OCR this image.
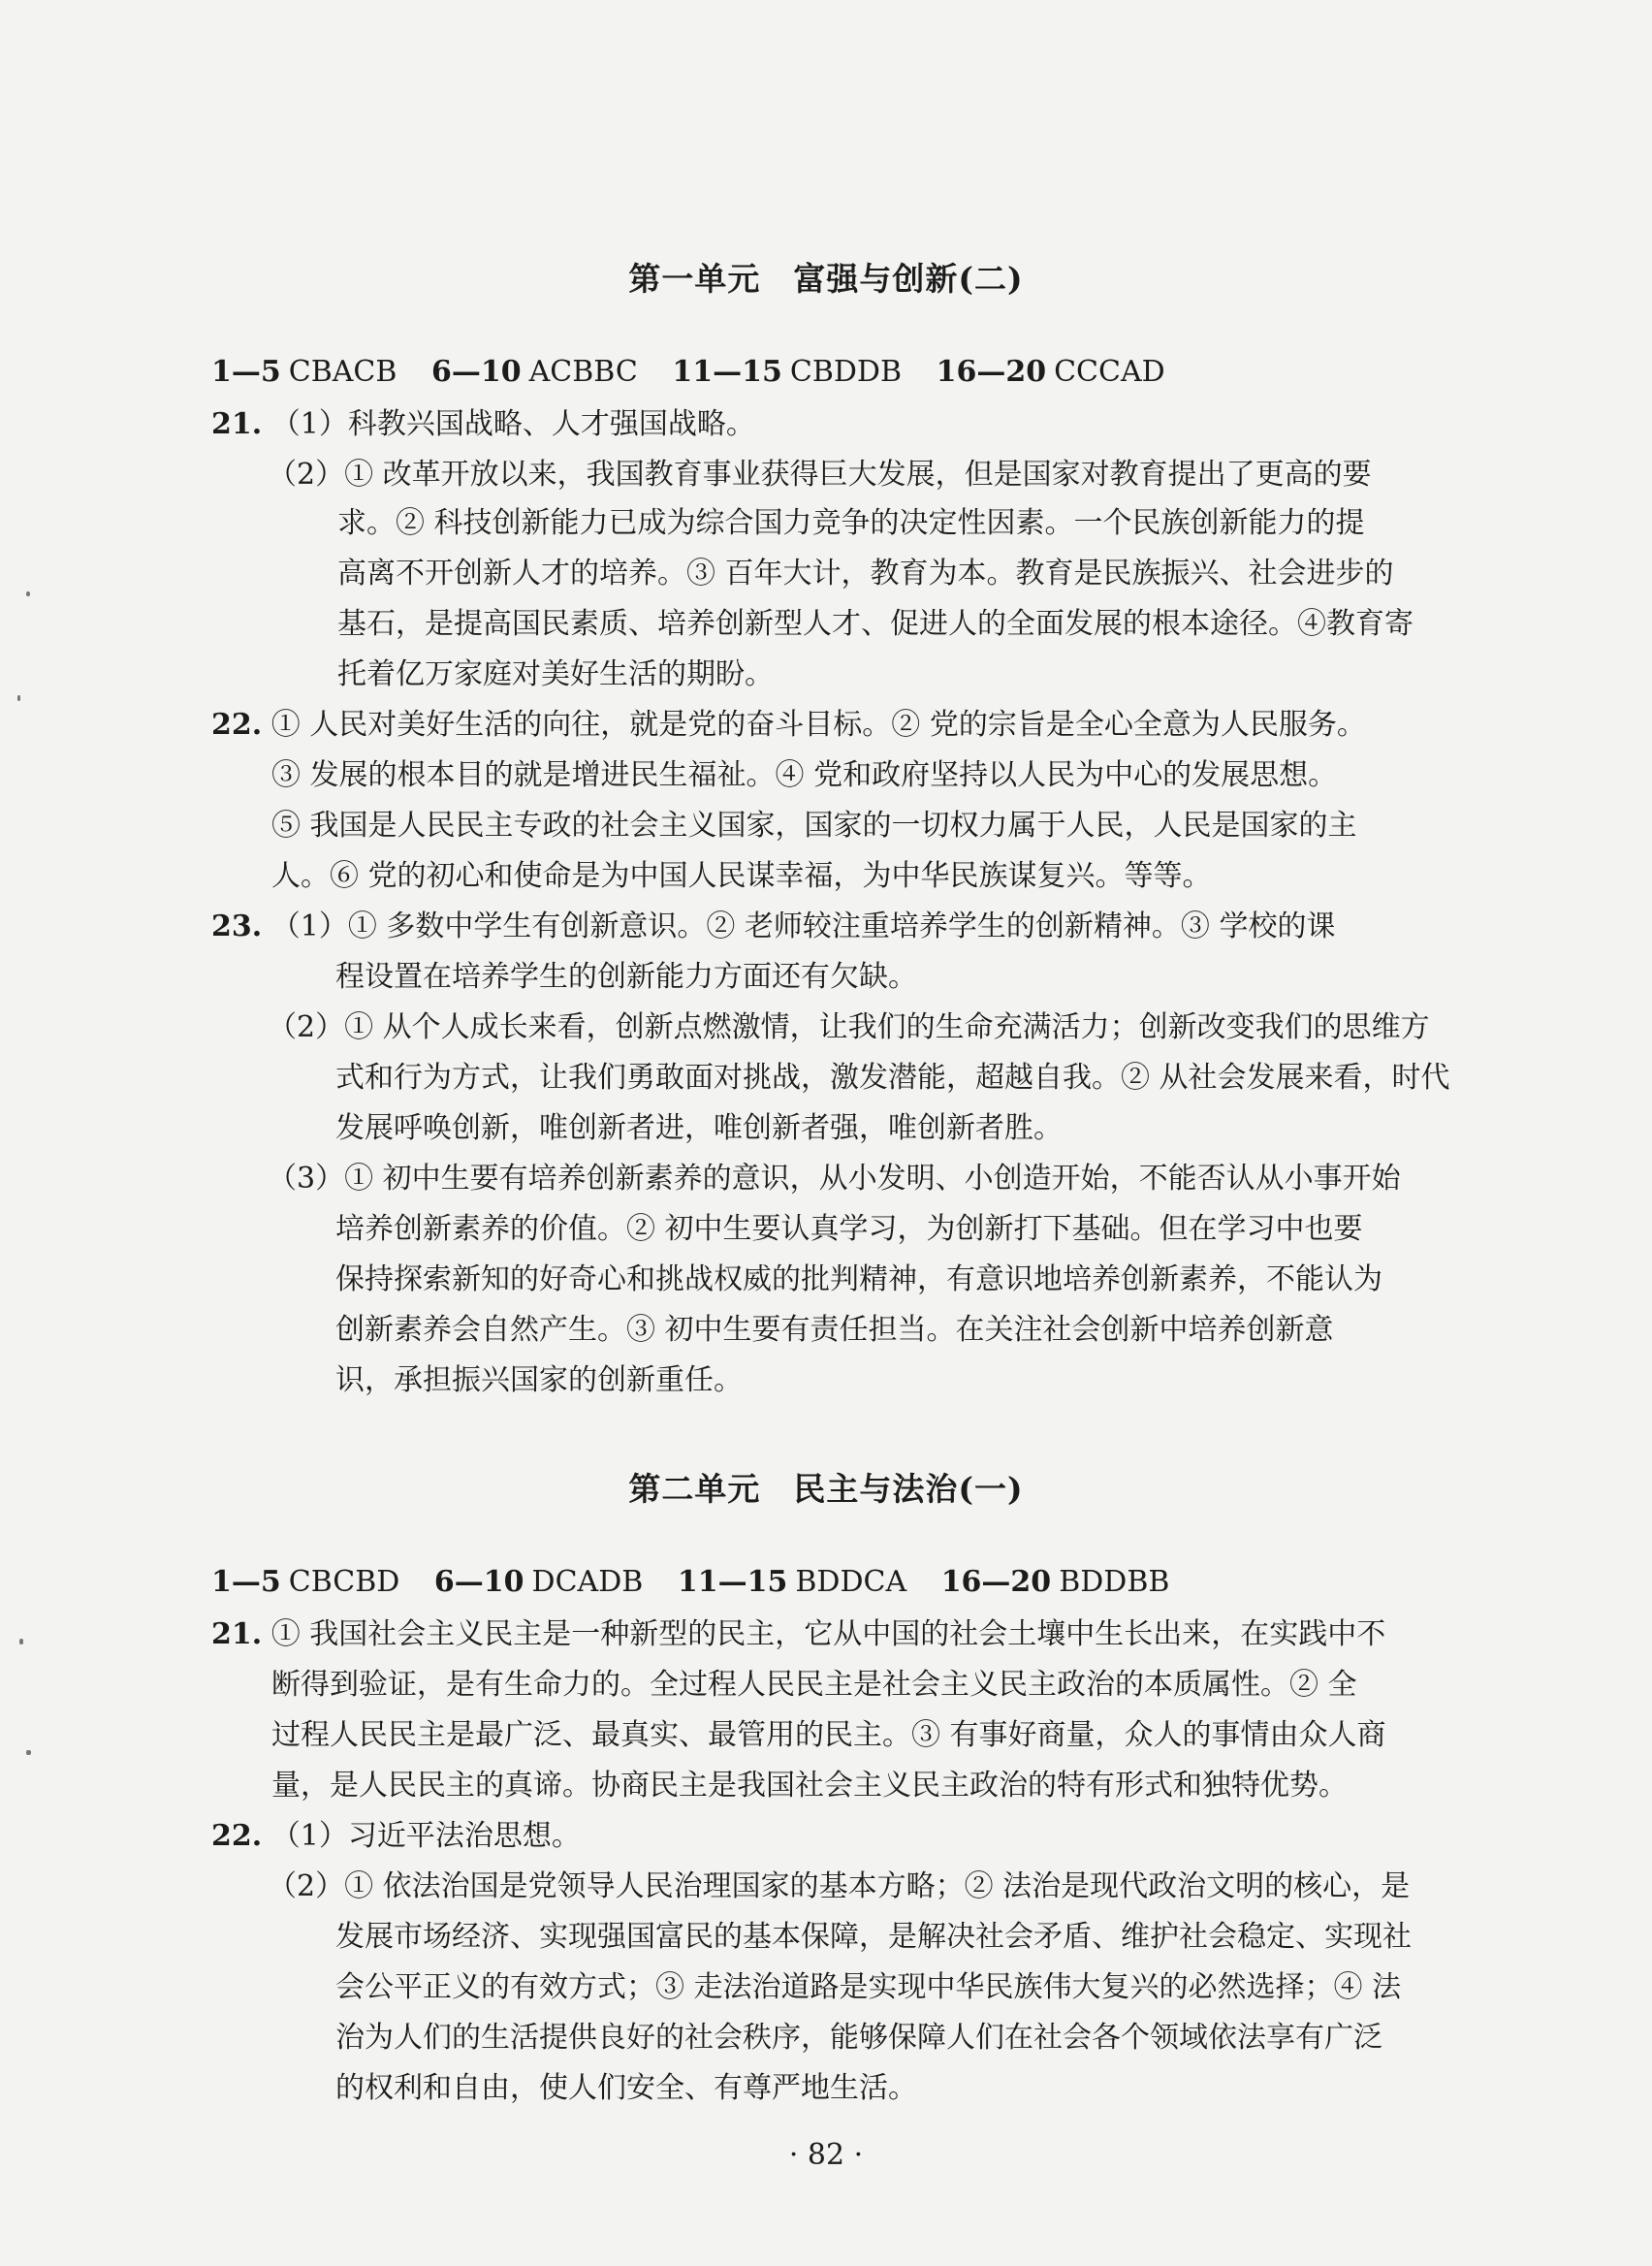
第一单元　富强与创新(二)
1—5 CBACB 6—10 ACBBC 11—15 CBDDB 16—20 CCCAD
21. （1）科教兴国战略、人才强国战略。
（2）① 改革开放以来，我国教育事业获得巨大发展，但是国家对教育提出了更高的要
求。② 科技创新能力已成为综合国力竞争的决定性因素。一个民族创新能力的提
高离不开创新人才的培养。③ 百年大计，教育为本。教育是民族振兴、社会进步的
基石，是提高国民素质、培养创新型人才、促进人的全面发展的根本途径。④教育寄
托着亿万家庭对美好生活的期盼。
22. ① 人民对美好生活的向往，就是党的奋斗目标。② 党的宗旨是全心全意为人民服务。
③ 发展的根本目的就是增进民生福祉。④ 党和政府坚持以人民为中心的发展思想。
⑤ 我国是人民民主专政的社会主义国家，国家的一切权力属于人民，人民是国家的主
人。⑥ 党的初心和使命是为中国人民谋幸福，为中华民族谋复兴。等等。
23. （1）① 多数中学生有创新意识。② 老师较注重培养学生的创新精神。③ 学校的课
程设置在培养学生的创新能力方面还有欠缺。
（2）① 从个人成长来看，创新点燃激情，让我们的生命充满活力；创新改变我们的思维方
式和行为方式，让我们勇敢面对挑战，激发潜能，超越自我。② 从社会发展来看，时代
发展呼唤创新，唯创新者进，唯创新者强，唯创新者胜。
（3）① 初中生要有培养创新素养的意识，从小发明、小创造开始，不能否认从小事开始
培养创新素养的价值。② 初中生要认真学习，为创新打下基础。但在学习中也要
保持探索新知的好奇心和挑战权威的批判精神，有意识地培养创新素养，不能认为
创新素养会自然产生。③ 初中生要有责任担当。在关注社会创新中培养创新意
识，承担振兴国家的创新重任。
第二单元　民主与法治(一)
1—5 CBCBD 6—10 DCADB 11—15 BDDCA 16—20 BDDBB
21. ① 我国社会主义民主是一种新型的民主，它从中国的社会土壤中生长出来，在实践中不
断得到验证，是有生命力的。全过程人民民主是社会主义民主政治的本质属性。② 全
过程人民民主是最广泛、最真实、最管用的民主。③ 有事好商量，众人的事情由众人商
量，是人民民主的真谛。协商民主是我国社会主义民主政治的特有形式和独特优势。
22. （1）习近平法治思想。
（2）① 依法治国是党领导人民治理国家的基本方略；② 法治是现代政治文明的核心，是
发展市场经济、实现强国富民的基本保障，是解决社会矛盾、维护社会稳定、实现社
会公平正义的有效方式；③ 走法治道路是实现中华民族伟大复兴的必然选择；④ 法
治为人们的生活提供良好的社会秩序，能够保障人们在社会各个领域依法享有广泛
的权利和自由，使人们安全、有尊严地生活。
· 82 ·
